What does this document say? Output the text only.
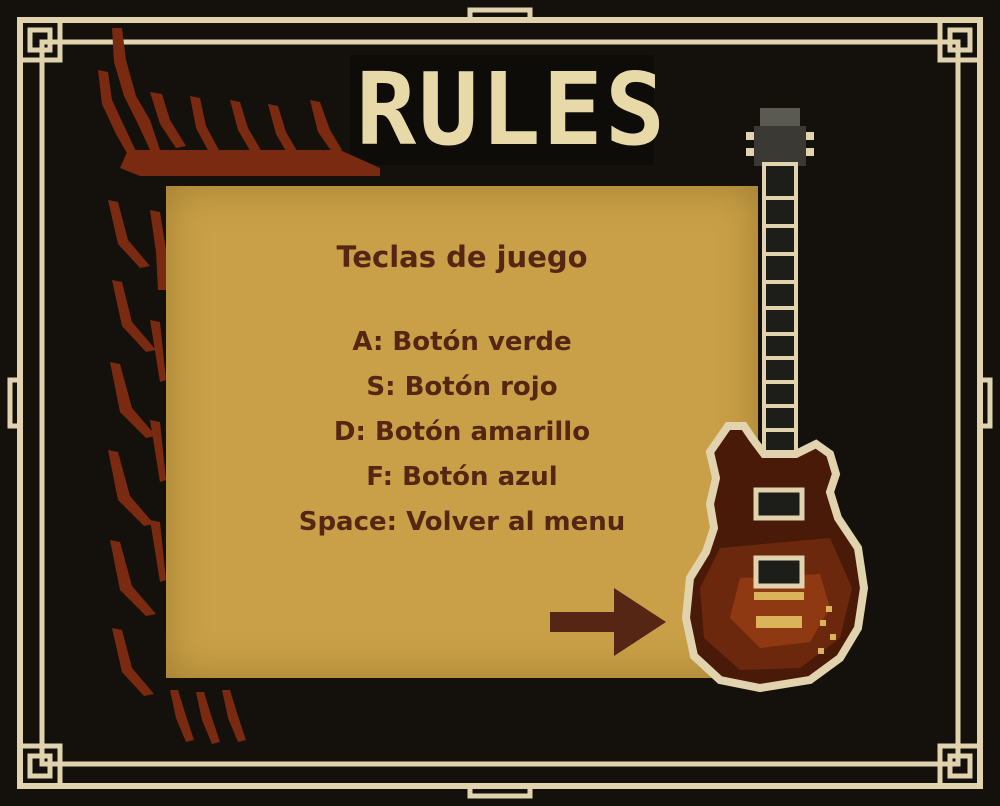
RULES
Teclas de juego
A: Botón verde
S: Botón rojo
D: Botón amarillo
F: Botón azul
Space: Volver al menu
